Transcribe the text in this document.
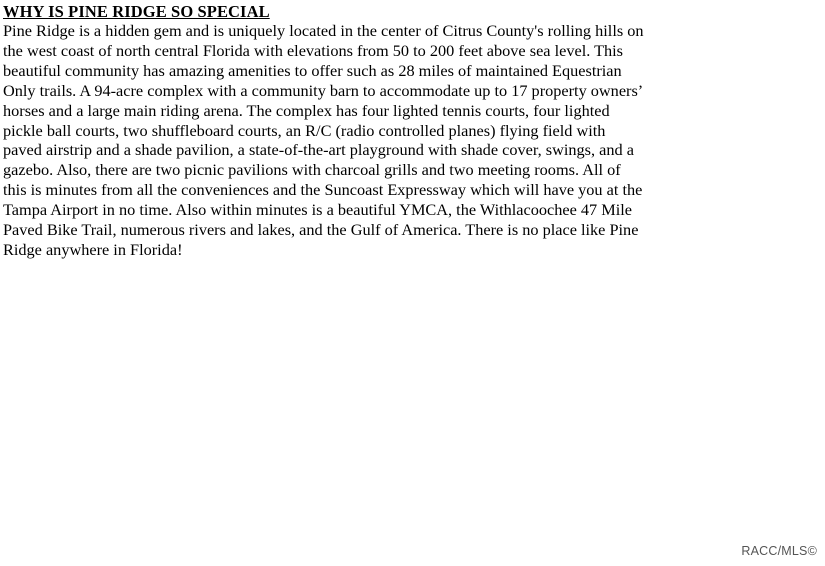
WHY IS PINE RIDGE SO SPECIAL
Pine Ridge is a hidden gem and is uniquely located in the center of Citrus County's rolling hills on the west coast of north central Florida with elevations from 50 to 200 feet above sea level. This beautiful community has amazing amenities to offer such as 28 miles of maintained Equestrian Only trails. A 94-acre complex with a community barn to accommodate up to 17 property owners’ horses and a large main riding arena. The complex has four lighted tennis courts, four lighted pickle ball courts, two shuffleboard courts, an R/C (radio controlled planes) flying field with paved airstrip and a shade pavilion, a state-of-the-art playground with shade cover, swings, and a gazebo. Also, there are two picnic pavilions with charcoal grills and two meeting rooms. All of this is minutes from all the conveniences and the Suncoast Expressway which will have you at the Tampa Airport in no time. Also within minutes is a beautiful YMCA, the Withlacoochee 47 Mile Paved Bike Trail, numerous rivers and lakes, and the Gulf of America. There is no place like Pine Ridge anywhere in Florida!
RACC/MLS©
